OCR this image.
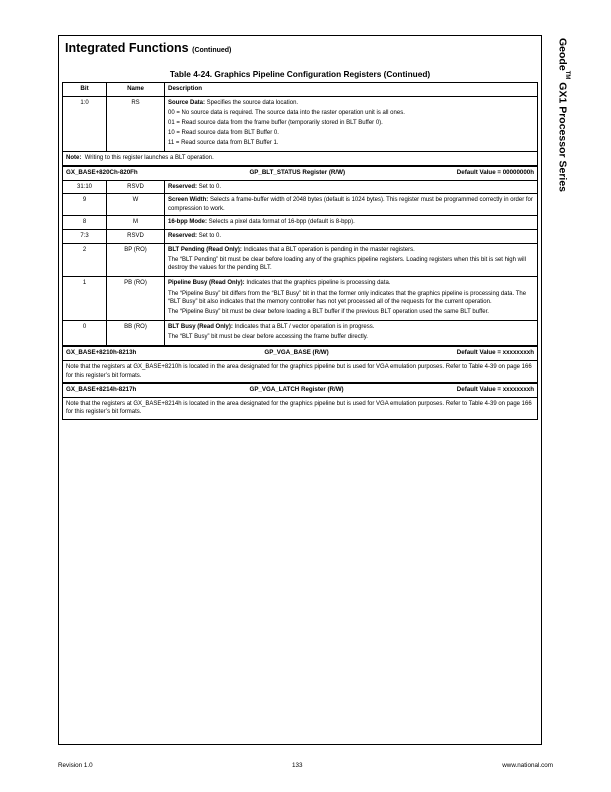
Geode™ GX1 Processor Series
Integrated Functions (Continued)
Table 4-24. Graphics Pipeline Configuration Registers (Continued)
Bit	Name	Description
1:0	RS	Source Data: Specifies the source data location.
00 = No source data is required. The source data into the raster operation unit is all ones.
01 = Read source data from the frame buffer (temporarily stored in BLT Buffer 0).
10 = Read source data from BLT Buffer 0.
11 = Read source data from BLT Buffer 1.

Note: Writing to this register launches a BLT operation.		

GX_BASE+820Ch-820Fh GP_BLT_STATUS Register (R/W) Default Value = 00000000h		

31:10	RSVD	Reserved: Set to 0.
9	W	Screen Width: Selects a frame-buffer width of 2048 bytes (default is 1024 bytes). This register must be programmed correctly in order for compression to work.
8	M	16-bpp Mode: Selects a pixel data format of 16-bpp (default is 8-bpp).
7:3	RSVD	Reserved: Set to 0.
2	BP (RO)	BLT Pending (Read Only): Indicates that a BLT operation is pending in the master registers.
The “BLT Pending” bit must be clear before loading any of the graphics pipeline registers. Loading registers when this bit is set high will destroy the values for the pending BLT.

1	PB (RO)	Pipeline Busy (Read Only): Indicates that the graphics pipeline is processing data.
The “Pipeline Busy” bit differs from the “BLT Busy” bit in that the former only indicates that the graphics pipeline is processing data. The “BLT Busy” bit also indicates that the memory controller has not yet processed all of the requests for the current operation.
The “Pipeline Busy” bit must be clear before loading a BLT buffer if the previous BLT operation used the same BLT buffer.

0	BB (RO)	BLT Busy (Read Only): Indicates that a BLT / vector operation is in progress.
The “BLT Busy” bit must be clear before accessing the frame buffer directly.

GX_BASE+8210h-8213h GP_VGA_BASE (R/W) Default Value = xxxxxxxxh		

Note that the registers at GX_BASE+8210h is located in the area designated for the graphics pipeline but is used for VGA emulation purposes. Refer to Table 4-39 on page 166 for this register’s bit formats.		

GX_BASE+8214h-8217h GP_VGA_LATCH Register (R/W) Default Value = xxxxxxxxh		

Note that the registers at GX_BASE+8214h is located in the area designated for the graphics pipeline but is used for VGA emulation purposes. Refer to Table 4-39 on page 166 for this register’s bit formats.		
Revision 1.0	133	www.national.com
